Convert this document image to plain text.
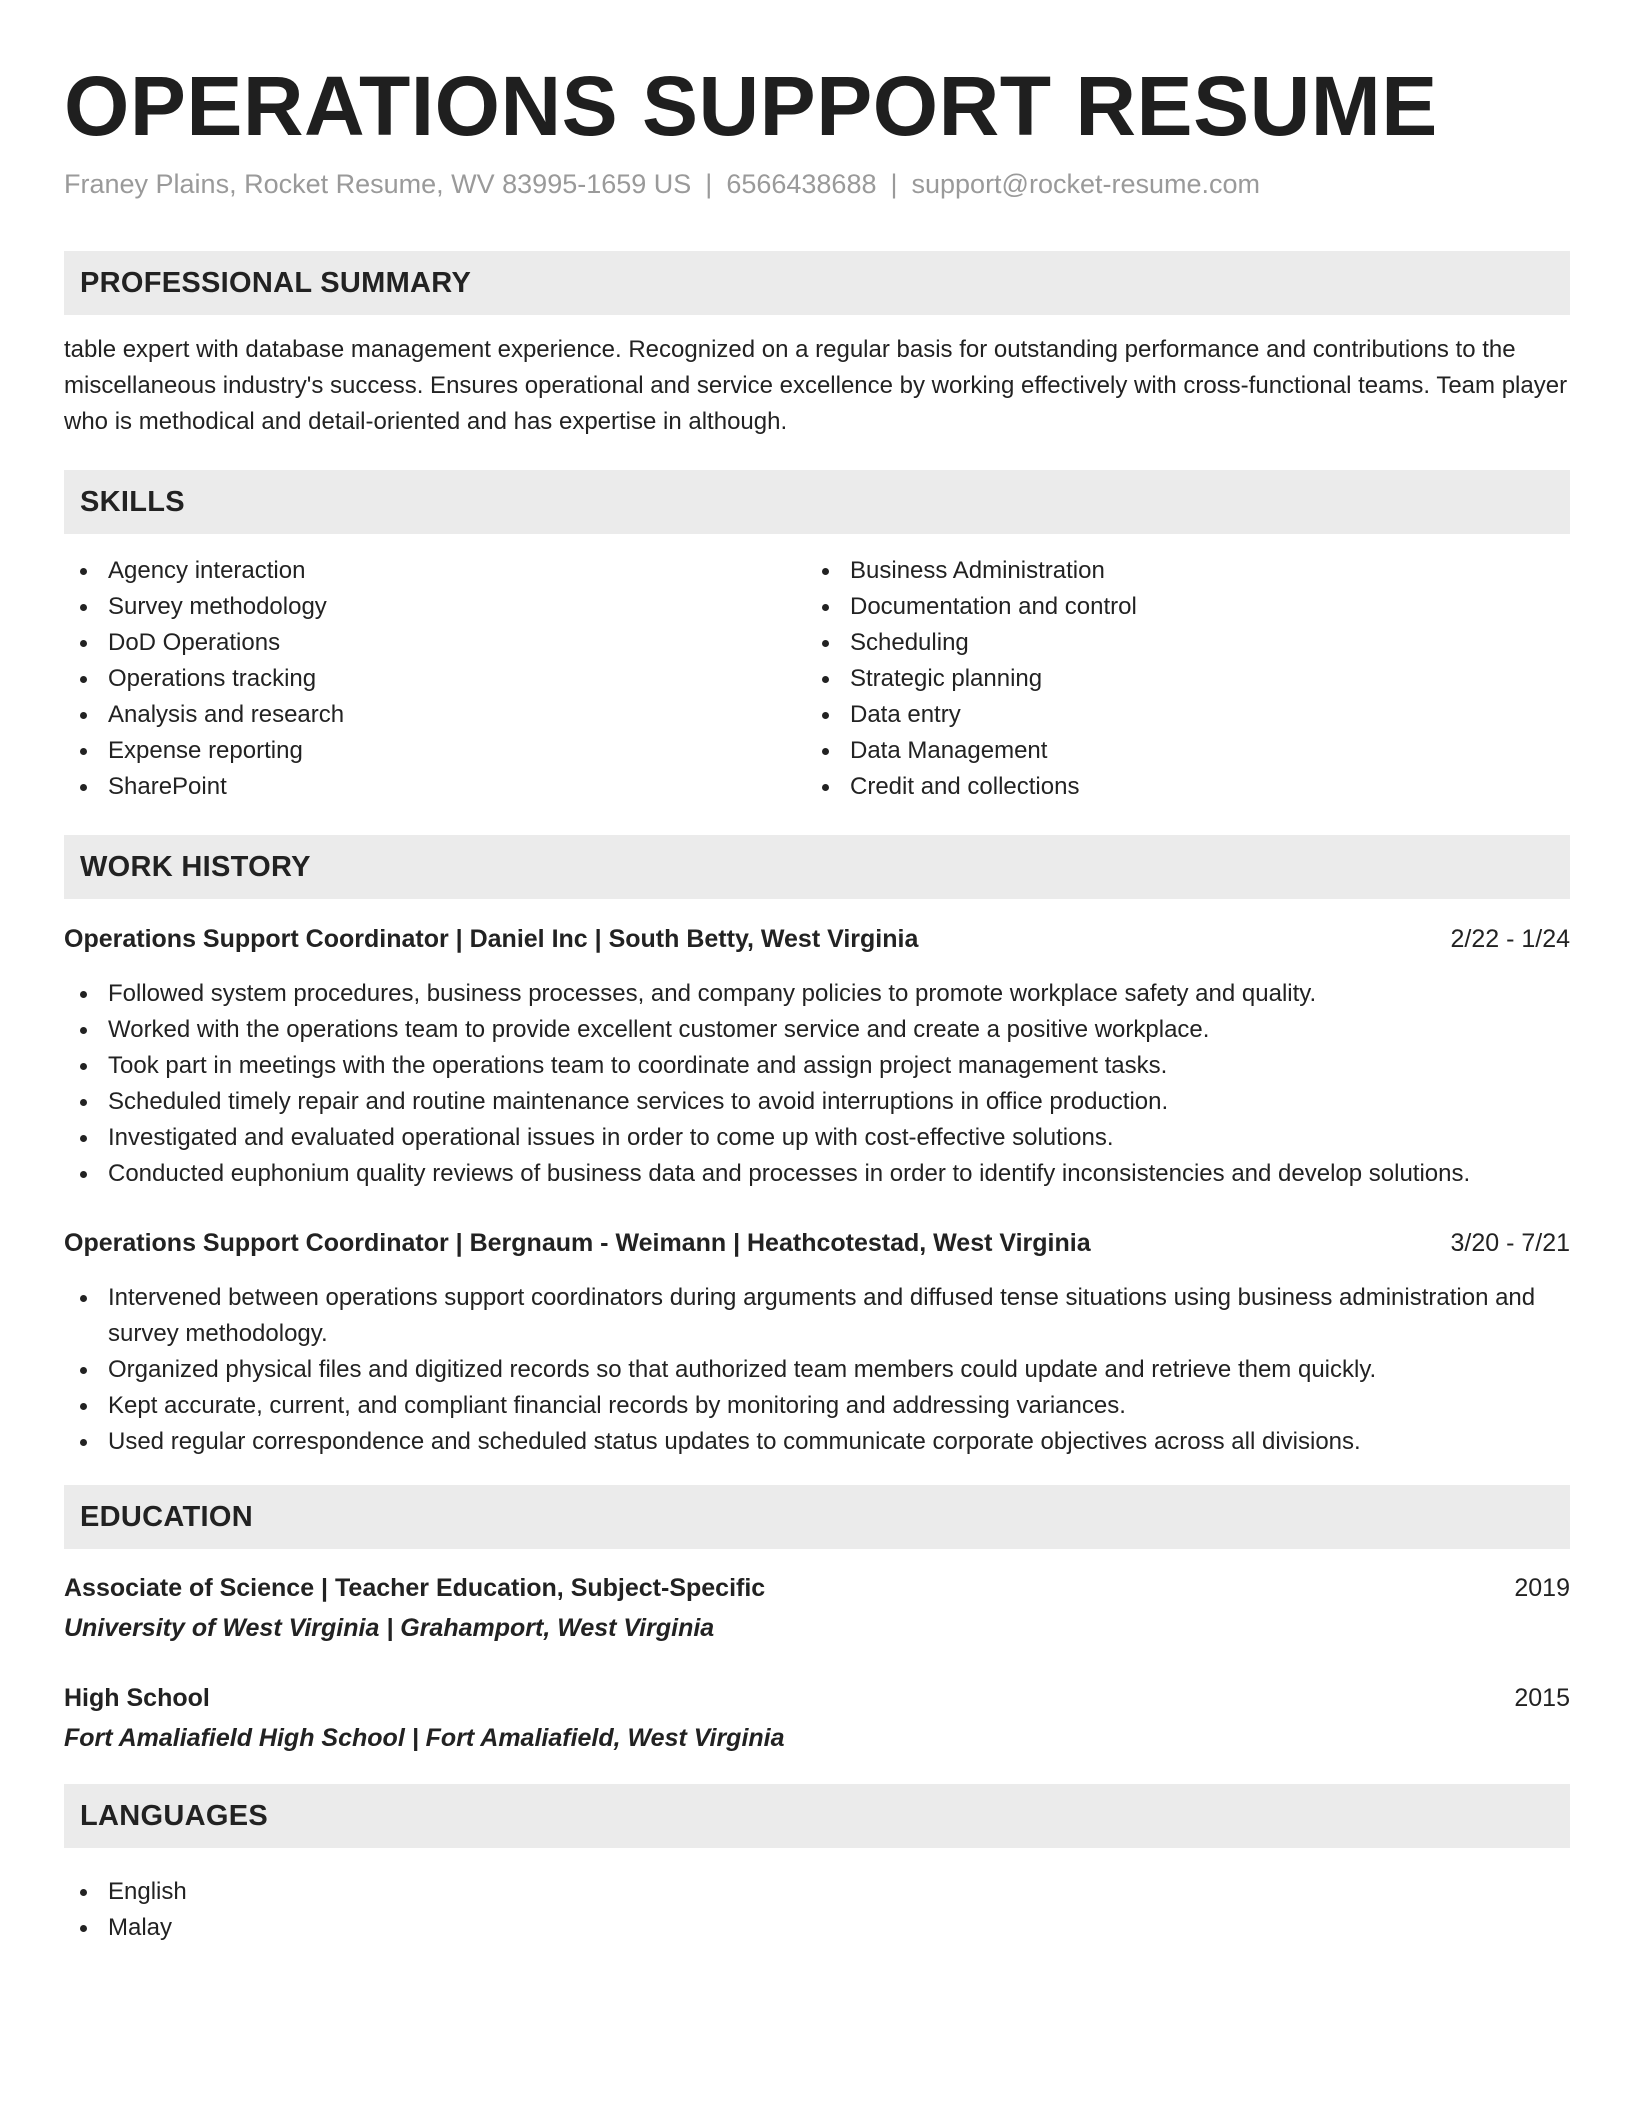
OPERATIONS SUPPORT RESUME
Franey Plains, Rocket Resume, WV 83995-1659 US | 6566438688 | support@rocket-resume.com
PROFESSIONAL SUMMARY
table expert with database management experience. Recognized on a regular basis for outstanding performance and contributions to the miscellaneous industry's success. Ensures operational and service excellence by working effectively with cross-functional teams. Team player who is methodical and detail-oriented and has expertise in although.
SKILLS
Agency interaction
Survey methodology
DoD Operations
Operations tracking
Analysis and research
Expense reporting
SharePoint
Business Administration
Documentation and control
Scheduling
Strategic planning
Data entry
Data Management
Credit and collections
WORK HISTORY
Operations Support Coordinator | Daniel Inc | South Betty, West Virginia	2/22 - 1/24
Followed system procedures, business processes, and company policies to promote workplace safety and quality.
Worked with the operations team to provide excellent customer service and create a positive workplace.
Took part in meetings with the operations team to coordinate and assign project management tasks.
Scheduled timely repair and routine maintenance services to avoid interruptions in office production.
Investigated and evaluated operational issues in order to come up with cost-effective solutions.
Conducted euphonium quality reviews of business data and processes in order to identify inconsistencies and develop solutions.
Operations Support Coordinator | Bergnaum - Weimann | Heathcotestad, West Virginia	3/20 - 7/21
Intervened between operations support coordinators during arguments and diffused tense situations using business administration and survey methodology.
Organized physical files and digitized records so that authorized team members could update and retrieve them quickly.
Kept accurate, current, and compliant financial records by monitoring and addressing variances.
Used regular correspondence and scheduled status updates to communicate corporate objectives across all divisions.
EDUCATION
Associate of Science | Teacher Education, Subject-Specific	2019
University of West Virginia | Grahamport, West Virginia
High School	2015
Fort Amaliafield High School | Fort Amaliafield, West Virginia
LANGUAGES
English
Malay
